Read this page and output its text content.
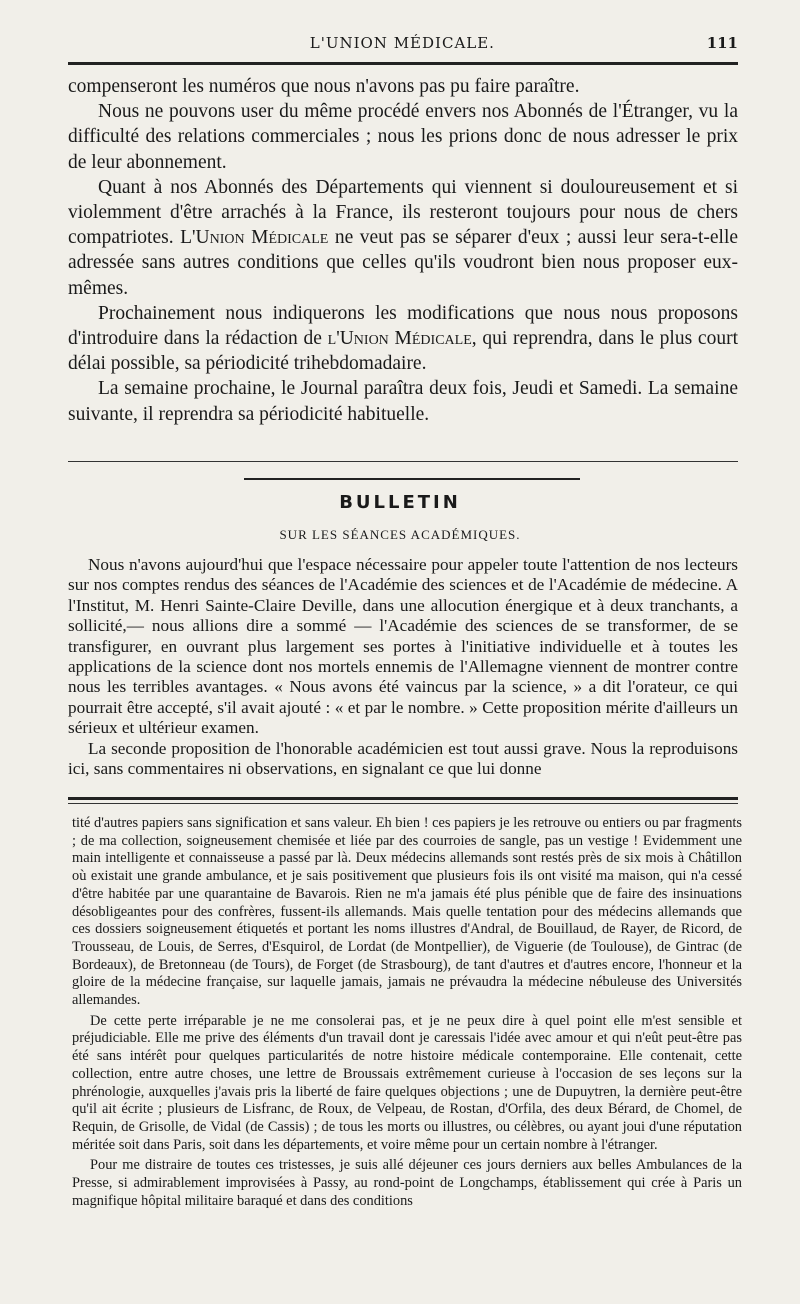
L'UNION MÉDICALE.	111

compenseront les numéros que nous n'avons pas pu faire paraître.

Nous ne pouvons user du même procédé envers nos Abonnés de l'Étranger, vu la difficulté des relations commerciales ; nous les prions donc de nous adresser le prix de leur abonnement.

Quant à nos Abonnés des Départements qui viennent si douloureusement et si violemment d'être arrachés à la France, ils resteront toujours pour nous de chers compatriotes. L'Union Médicale ne veut pas se séparer d'eux ; aussi leur sera-t-elle adressée sans autres conditions que celles qu'ils voudront bien nous proposer eux-mêmes.

Prochainement nous indiquerons les modifications que nous nous proposons d'introduire dans la rédaction de l'Union Médicale, qui reprendra, dans le plus court délai possible, sa périodicité trihebdomadaire.

La semaine prochaine, le Journal paraîtra deux fois, Jeudi et Samedi. La semaine suivante, il reprendra sa périodicité habituelle.

BULLETIN
SUR LES SÉANCES ACADÉMIQUES.

Nous n'avons aujourd'hui que l'espace nécessaire pour appeler toute l'attention de nos lecteurs sur nos comptes rendus des séances de l'Académie des sciences et de l'Académie de médecine. A l'Institut, M. Henri Sainte-Claire Deville, dans une allocution énergique et à deux tranchants, a sollicité,— nous allions dire a sommé — l'Académie des sciences de se transformer, de se transfigurer, en ouvrant plus largement ses portes à l'initiative individuelle et à toutes les applications de la science dont nos mortels ennemis de l'Allemagne viennent de montrer contre nous les terribles avantages. « Nous avons été vaincus par la science, » a dit l'orateur, ce qui pourrait être accepté, s'il avait ajouté : « et par le nombre. » Cette proposition mérite d'ailleurs un sérieux et ultérieur examen.

La seconde proposition de l'honorable académicien est tout aussi grave. Nous la reproduisons ici, sans commentaires ni observations, en signalant ce que lui donne

tité d'autres papiers sans signification et sans valeur. Eh bien ! ces papiers je les retrouve ou entiers ou par fragments ; de ma collection, soigneusement chemisée et liée par des courroies de sangle, pas un vestige ! Evidemment une main intelligente et connaisseuse a passé par là. Deux médecins allemands sont restés près de six mois à Châtillon où existait une grande ambulance, et je sais positivement que plusieurs fois ils ont visité ma maison, qui n'a cessé d'être habitée par une quarantaine de Bavarois. Rien ne m'a jamais été plus pénible que de faire des insinuations désobligeantes pour des confrères, fussent-ils allemands. Mais quelle tentation pour des médecins allemands que ces dossiers soigneusement étiquetés et portant les noms illustres d'Andral, de Bouillaud, de Rayer, de Ricord, de Trousseau, de Louis, de Serres, d'Esquirol, de Lordat (de Montpellier), de Viguerie (de Toulouse), de Gintrac (de Bordeaux), de Bretonneau (de Tours), de Forget (de Strasbourg), de tant d'autres et d'autres encore, l'honneur et la gloire de la médecine française, sur laquelle jamais, jamais ne prévaudra la médecine nébuleuse des Universités allemandes.

De cette perte irréparable je ne me consolerai pas, et je ne peux dire à quel point elle m'est sensible et préjudiciable. Elle me prive des éléments d'un travail dont je caressais l'idée avec amour et qui n'eût peut-être pas été sans intérêt pour quelques particularités de notre histoire médicale contemporaine. Elle contenait, cette collection, entre autre choses, une lettre de Broussais extrêmement curieuse à l'occasion de ses leçons sur la phrénologie, auxquelles j'avais pris la liberté de faire quelques objections ; une de Dupuytren, la dernière peut-être qu'il ait écrite ; plusieurs de Lisfranc, de Roux, de Velpeau, de Rostan, d'Orfila, des deux Bérard, de Chomel, de Requin, de Grisolle, de Vidal (de Cassis) ; de tous les morts ou illustres, ou célèbres, ou ayant joui d'une réputation méritée soit dans Paris, soit dans les départements, et voire même pour un certain nombre à l'étranger.

Pour me distraire de toutes ces tristesses, je suis allé déjeuner ces jours derniers aux belles Ambulances de la Presse, si admirablement improvisées à Passy, au rond-point de Longchamps, établissement qui crée à Paris un magnifique hôpital militaire baraqué et dans des conditions
